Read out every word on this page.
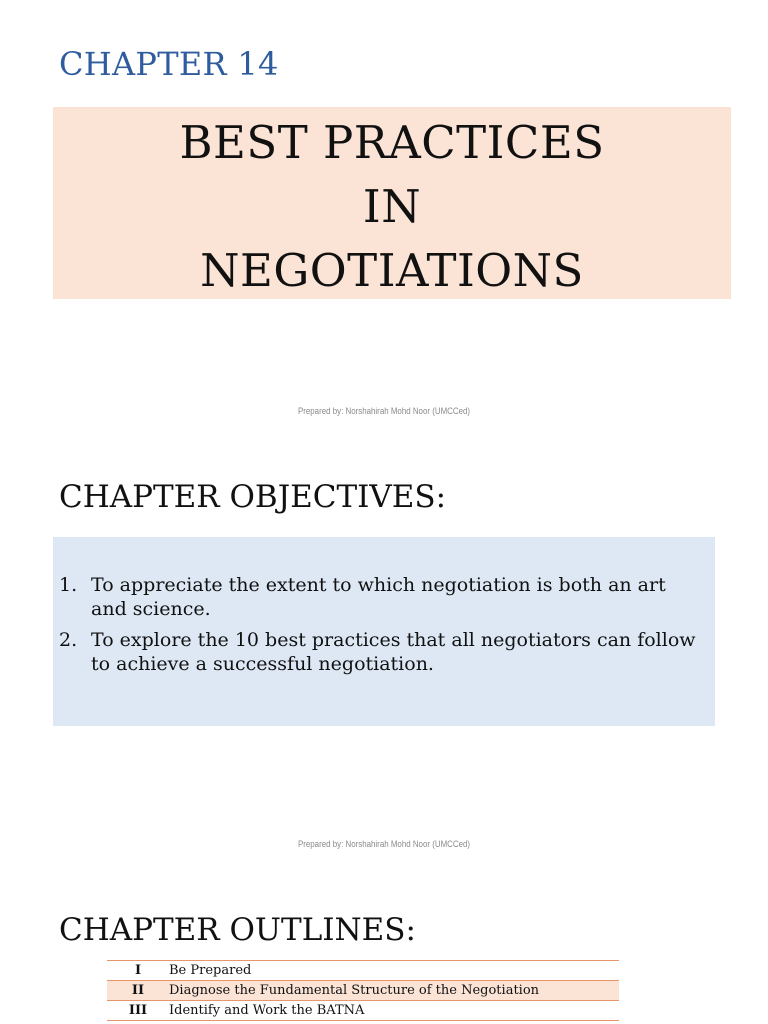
CHAPTER 14
BEST PRACTICES
IN
NEGOTIATIONS
Prepared by: Norshahirah Mohd Noor (UMCCed)
CHAPTER OBJECTIVES:
1. To appreciate the extent to which negotiation is both an art and science.
2. To explore the 10 best practices that all negotiators can follow to achieve a successful negotiation.
Prepared by: Norshahirah Mohd Noor (UMCCed)
CHAPTER OUTLINES:
I	Be Prepared
II	Diagnose the Fundamental Structure of the Negotiation
III	Identify and Work the BATNA
